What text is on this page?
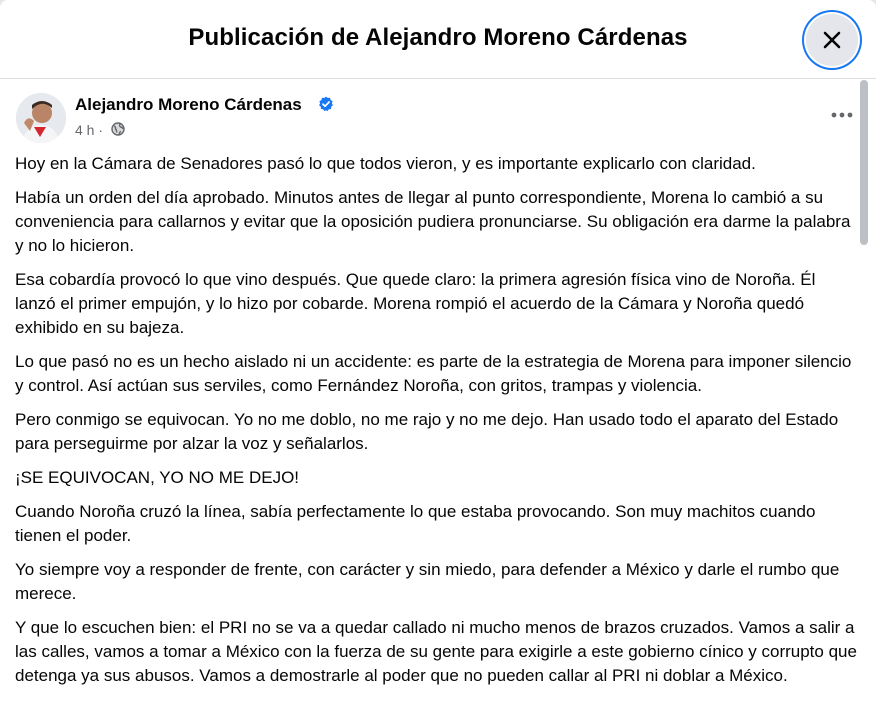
Publicación de Alejandro Moreno Cárdenas
Alejandro Moreno Cárdenas
4 h ·

Hoy en la Cámara de Senadores pasó lo que todos vieron, y es importante explicarlo con claridad.

Había un orden del día aprobado. Minutos antes de llegar al punto correspondiente, Morena lo cambió a su conveniencia para callarnos y evitar que la oposición pudiera pronunciarse. Su obligación era darme la palabra y no lo hicieron.

Esa cobardía provocó lo que vino después. Que quede claro: la primera agresión física vino de Noroña. Él lanzó el primer empujón, y lo hizo por cobarde. Morena rompió el acuerdo de la Cámara y Noroña quedó exhibido en su bajeza.

Lo que pasó no es un hecho aislado ni un accidente: es parte de la estrategia de Morena para imponer silencio y control. Así actúan sus serviles, como Fernández Noroña, con gritos, trampas y violencia.

Pero conmigo se equivocan. Yo no me doblo, no me rajo y no me dejo. Han usado todo el aparato del Estado para perseguirme por alzar la voz y señalarlos.

¡SE EQUIVOCAN, YO NO ME DEJO!

Cuando Noroña cruzó la línea, sabía perfectamente lo que estaba provocando. Son muy machitos cuando tienen el poder.

Yo siempre voy a responder de frente, con carácter y sin miedo, para defender a México y darle el rumbo que merece.

Y que lo escuchen bien: el PRI no se va a quedar callado ni mucho menos de brazos cruzados. Vamos a salir a las calles, vamos a tomar a México con la fuerza de su gente para exigirle a este gobierno cínico y corrupto que detenga ya sus abusos. Vamos a demostrarle al poder que no pueden callar al PRI ni doblar a México.
